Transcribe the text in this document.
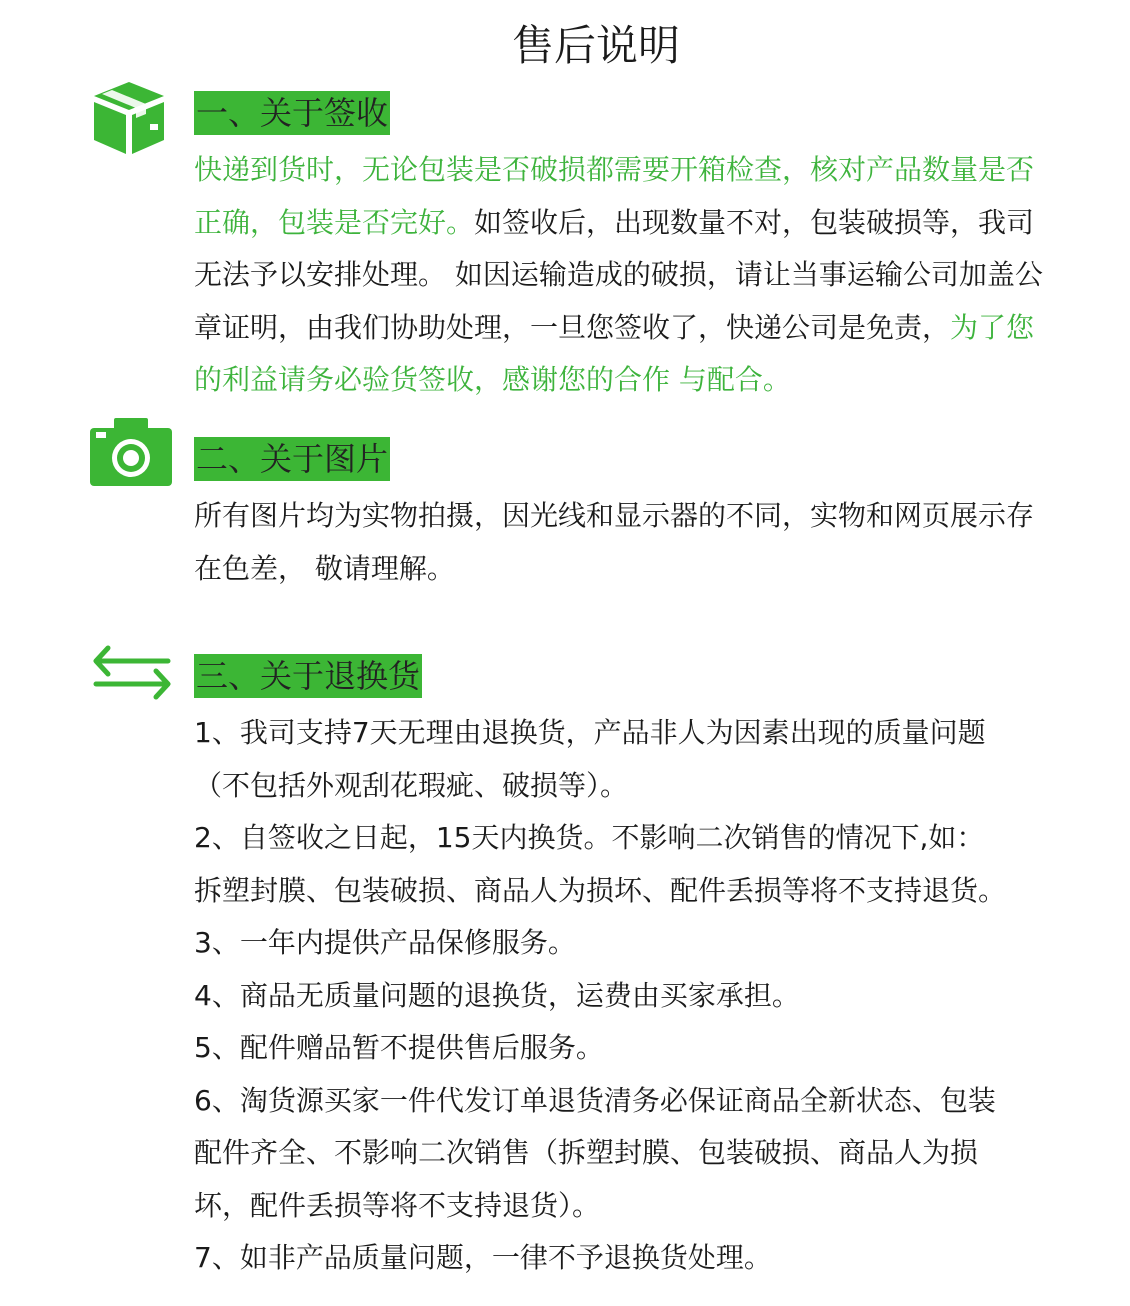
售后说明
一、关于签收

快递到货时，无论包装是否破损都需要开箱检查，核对产品数量是否正确，包装是否完好。如签收后，出现数量不对，包装破损等，我司无法予以安排处理。 如因运输造成的破损，请让当事运输公司加盖公章证明，由我们协助处理，一旦您签收了，快递公司是免责，为了您的利益请务必验货签收，感谢您的合作 与配合。

二、关于图片

所有图片均为实物拍摄，因光线和显示器的不同，实物和网页展示存在色差， 敬请理解。

三、关于退换货
1、我司支持7天无理由退换货，产品非人为因素出现的质量问题
（不包括外观刮花瑕疵、破损等）。
2、自签收之日起，15天内换货。不影响二次销售的情况下,如：
拆塑封膜、包装破损、商品人为损坏、配件丢损等将不支持退货。
3、一年内提供产品保修服务。
4、商品无质量问题的退换货，运费由买家承担。
5、配件赠品暂不提供售后服务。
6、淘货源买家一件代发订单退货清务必保证商品全新状态、包装
配件齐全、不影响二次销售（拆塑封膜、包装破损、商品人为损
坏，配件丢损等将不支持退货）。
7、如非产品质量问题，一律不予退换货处理。
